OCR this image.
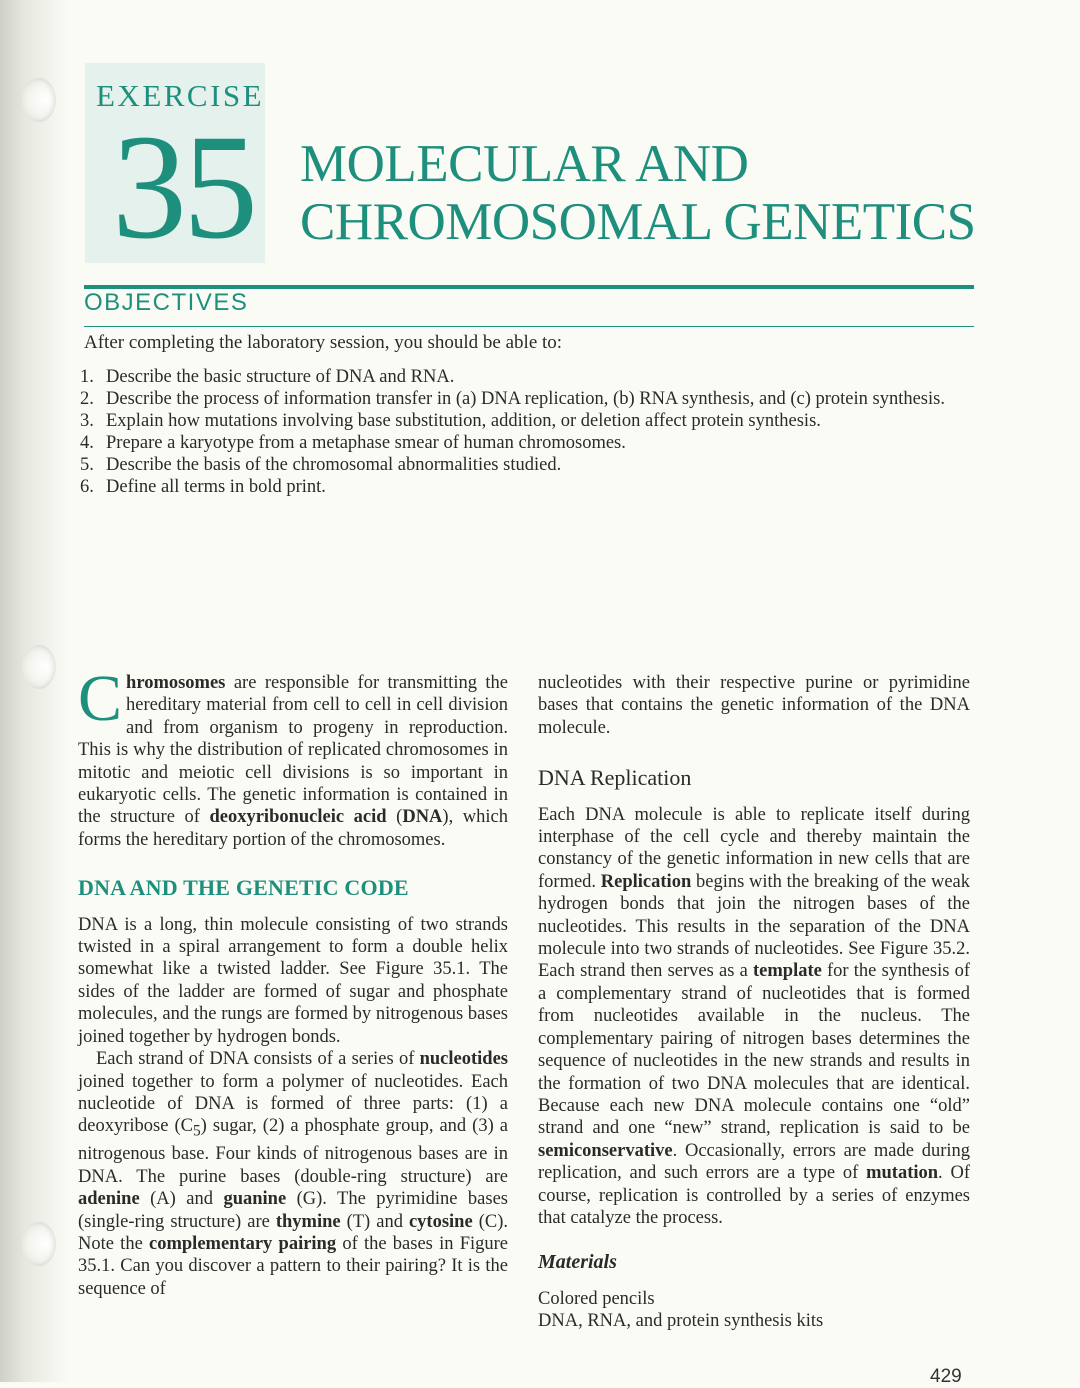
EXERCISE
35 MOLECULAR AND
CHROMOSOMAL GENETICS
OBJECTIVES

After completing the laboratory session, you should be able to:

1. Describe the basic structure of DNA and RNA.
2. Describe the process of information transfer in (a) DNA replication, (b) RNA synthesis, and (c) protein synthesis.
3. Explain how mutations involving base substitution, addition, or deletion affect protein synthesis.
4. Prepare a karyotype from a metaphase smear of human chromosomes.
5. Describe the basis of the chromosomal abnormalities studied.
6. Define all terms in bold print.

Chromosomes are responsible for transmitting the hereditary material from cell to cell in cell division and from organism to progeny in reproduction. This is why the distribution of replicated chromosomes in mitotic and meiotic cell divisions is so important in eukaryotic cells. The genetic information is contained in the structure of deoxyribonucleic acid (DNA), which forms the hereditary portion of the chromosomes.

DNA AND THE GENETIC CODE

DNA is a long, thin molecule consisting of two strands twisted in a spiral arrangement to form a double helix somewhat like a twisted ladder. See Figure 35.1. The sides of the ladder are formed of sugar and phosphate molecules, and the rungs are formed by nitrogenous bases joined together by hydrogen bonds.

Each strand of DNA consists of a series of nucleotides joined together to form a polymer of nucleotides. Each nucleotide of DNA is formed of three parts: (1) a deoxyribose $(C_5)$ sugar, (2) a phosphate group, and (3) a nitrogenous base. Four kinds of nitrogenous bases are in DNA. The purine bases (double-ring structure) are adenine (A) and guanine (G). The pyrimidine bases (single-ring structure) are thymine (T) and cytosine (C). Note the complementary pairing of the bases in Figure 35.1. Can you discover a pattern to their pairing? It is the sequence of

nucleotides with their respective purine or pyrimidine bases that contains the genetic information of the DNA molecule.

DNA Replication

Each DNA molecule is able to replicate itself during interphase of the cell cycle and thereby maintain the constancy of the genetic information in new cells that are formed. Replication begins with the breaking of the weak hydrogen bonds that join the nitrogen bases of the nucleotides. This results in the separation of the DNA molecule into two strands of nucleotides. See Figure 35.2. Each strand then serves as a template for the synthesis of a complementary strand of nucleotides that is formed from nucleotides available in the nucleus. The complementary pairing of nitrogen bases determines the sequence of nucleotides in the new strands and results in the formation of two DNA molecules that are identical. Because each new DNA molecule contains one “old” strand and one “new” strand, replication is said to be semiconservative. Occasionally, errors are made during replication, and such errors are a type of mutation. Of course, replication is controlled by a series of enzymes that catalyze the process.

Materials

Colored pencils

DNA, RNA, and protein synthesis kits

429
